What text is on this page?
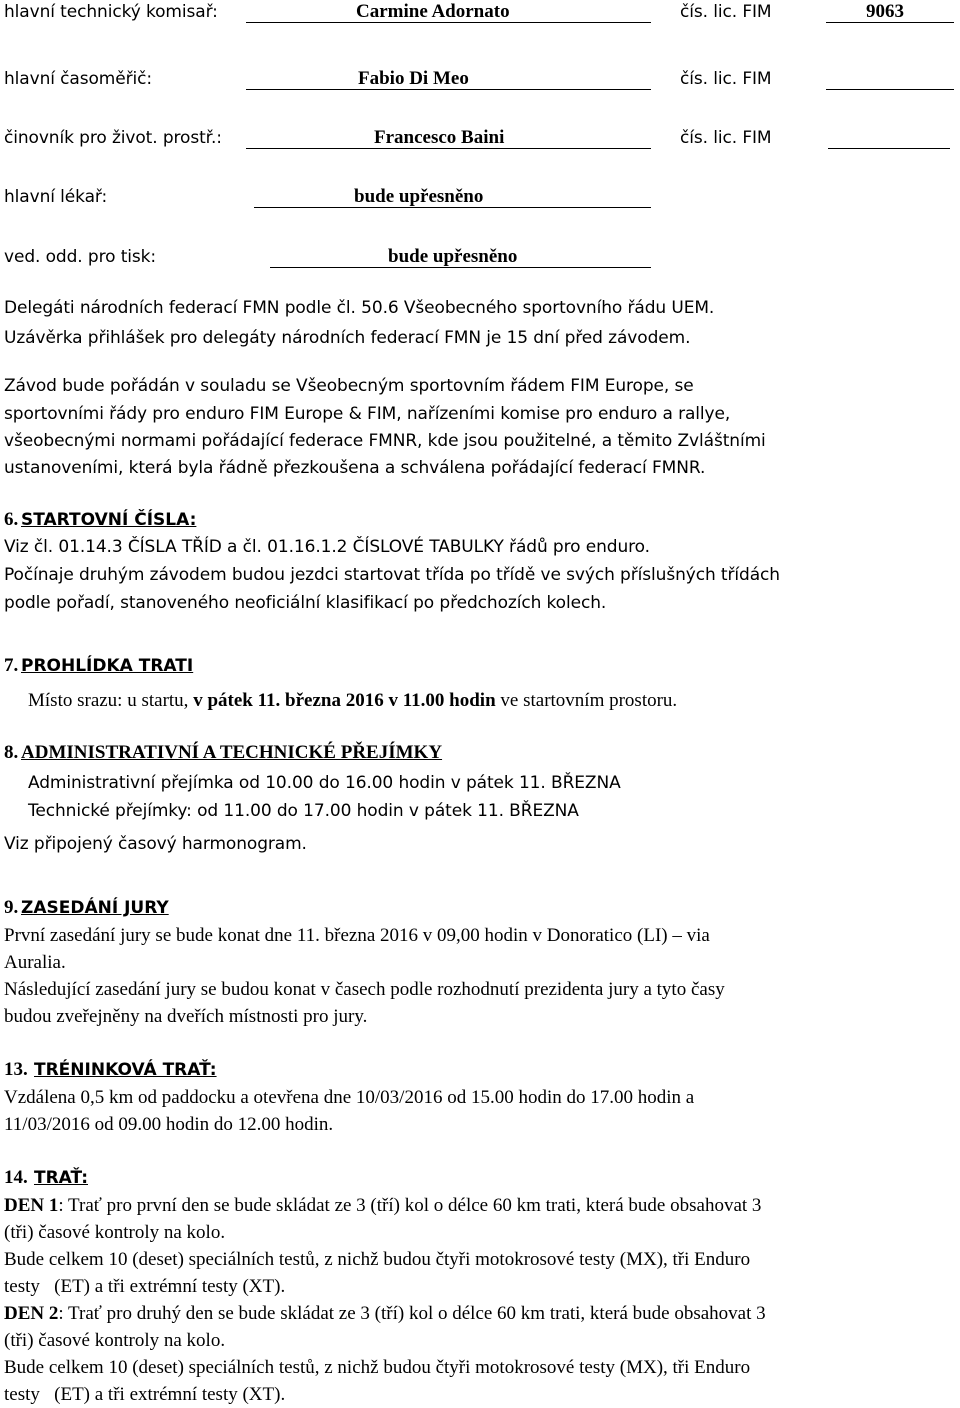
hlavní technický komisař:	Carmine Adornato	čís. lic. FIM	9063
hlavní časoměřič:	Fabio Di Meo	čís. lic. FIM
činovník pro život. prostř.:	Francesco Baini	čís. lic. FIM
hlavní lékař:	bude upřesněno
ved. odd. pro tisk:	bude upřesněno
Delegáti národních federací FMN podle čl. 50.6 Všeobecného sportovního řádu UEM.
Uzávěrka přihlášek pro delegáty národních federací FMN je 15 dní před závodem.
Závod bude pořádán v souladu se Všeobecným sportovním řádem FIM Europe, se
sportovními řády pro enduro FIM Europe & FIM, nařízeními komise pro enduro a rallye,
všeobecnými normami pořádající federace FMNR, kde jsou použitelné, a těmito Zvláštními
ustanoveními, která byla řádně přezkoušena a schválena pořádající federací FMNR.
6. STARTOVNÍ ČÍSLA:
Viz čl. 01.14.3 ČÍSLA TŘÍD a čl. 01.16.1.2 ČÍSLOVÉ TABULKY řádů pro enduro.
Počínaje druhým závodem budou jezdci startovat třída po třídě ve svých příslušných třídách
podle pořadí, stanoveného neoficiální klasifikací po předchozích kolech.
7. PROHLÍDKA TRATI
Místo srazu: u startu, v pátek 11. března 2016 v 11.00 hodin ve startovním prostoru.
8. ADMINISTRATIVNÍ A TECHNICKÉ PŘEJÍMKY
Administrativní přejímka od 10.00 do 16.00 hodin v pátek 11. BŘEZNA
Technické přejímky: od 11.00 do 17.00 hodin v pátek 11. BŘEZNA
Viz připojený časový harmonogram.
9. ZASEDÁNÍ JURY
První zasedání jury se bude konat dne 11. března 2016 v 09,00 hodin v Donoratico (LI) – via
Auralia.
Následující zasedání jury se budou konat v časech podle rozhodnutí prezidenta jury a tyto časy
budou zveřejněny na dveřích místnosti pro jury.
13. TRÉNINKOVÁ TRAŤ:
Vzdálena 0,5 km od paddocku a otevřena dne 10/03/2016 od 15.00 hodin do 17.00 hodin a
11/03/2016 od 09.00 hodin do 12.00 hodin.
14. TRAŤ:
DEN 1: Trať pro první den se bude skládat ze 3 (tří) kol o délce 60 km trati, která bude obsahovat 3
(tři) časové kontroly na kolo.
Bude celkem 10 (deset) speciálních testů, z nichž budou čtyři motokrosové testy (MX), tři Enduro
testy   (ET) a tři extrémní testy (XT).
DEN 2: Trať pro druhý den se bude skládat ze 3 (tří) kol o délce 60 km trati, která bude obsahovat 3
(tři) časové kontroly na kolo.
Bude celkem 10 (deset) speciálních testů, z nichž budou čtyři motokrosové testy (MX), tři Enduro
testy   (ET) a tři extrémní testy (XT).
